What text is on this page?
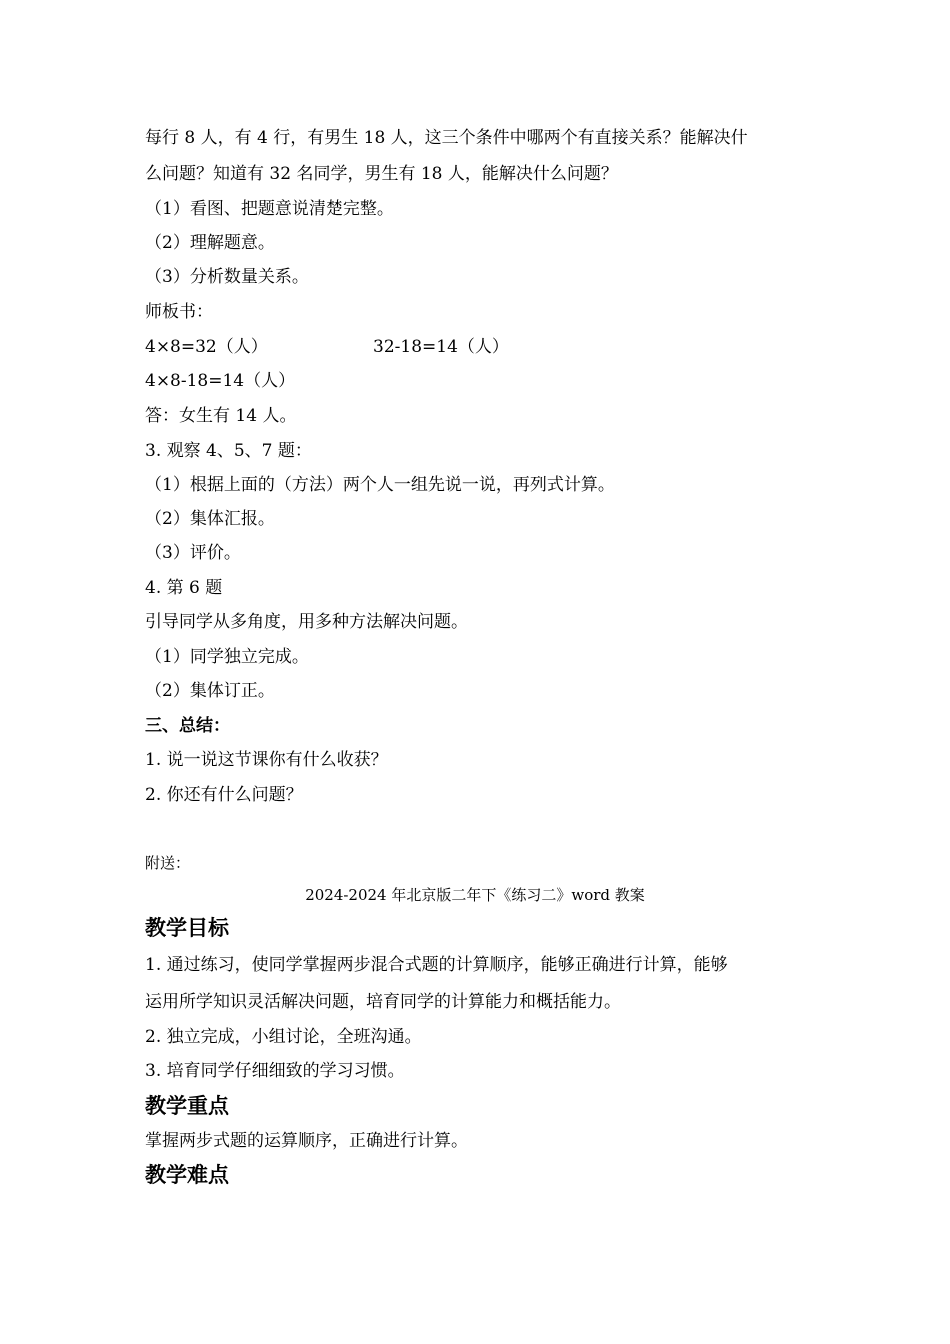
每行 8 人，有 4 行，有男生 18 人，这三个条件中哪两个有直接关系？能解决什
么问题？知道有 32 名同学，男生有 18 人，能解决什么问题？
（1）看图、把题意说清楚完整。
（2）理解题意。
（3）分析数量关系。
师板书：
4×8=32（人）	32-18=14（人）
4×8-18=14（人）
答：女生有 14 人。
3. 观察 4、5、7 题：
（1）根据上面的（方法）两个人一组先说一说，再列式计算。
（2）集体汇报。
（3）评价。
4. 第 6 题
引导同学从多角度，用多种方法解决问题。
（1）同学独立完成。
（2）集体订正。
三、总结：
1. 说一说这节课你有什么收获？
2. 你还有什么问题？
附送：
2024-2024 年北京版二年下《练习二》word 教案
教学目标
1. 通过练习，使同学掌握两步混合式题的计算顺序，能够正确进行计算，能够
运用所学知识灵活解决问题，培育同学的计算能力和概括能力。
2. 独立完成，小组讨论，全班沟通。
3. 培育同学仔细细致的学习习惯。
教学重点
掌握两步式题的运算顺序，正确进行计算。
教学难点
